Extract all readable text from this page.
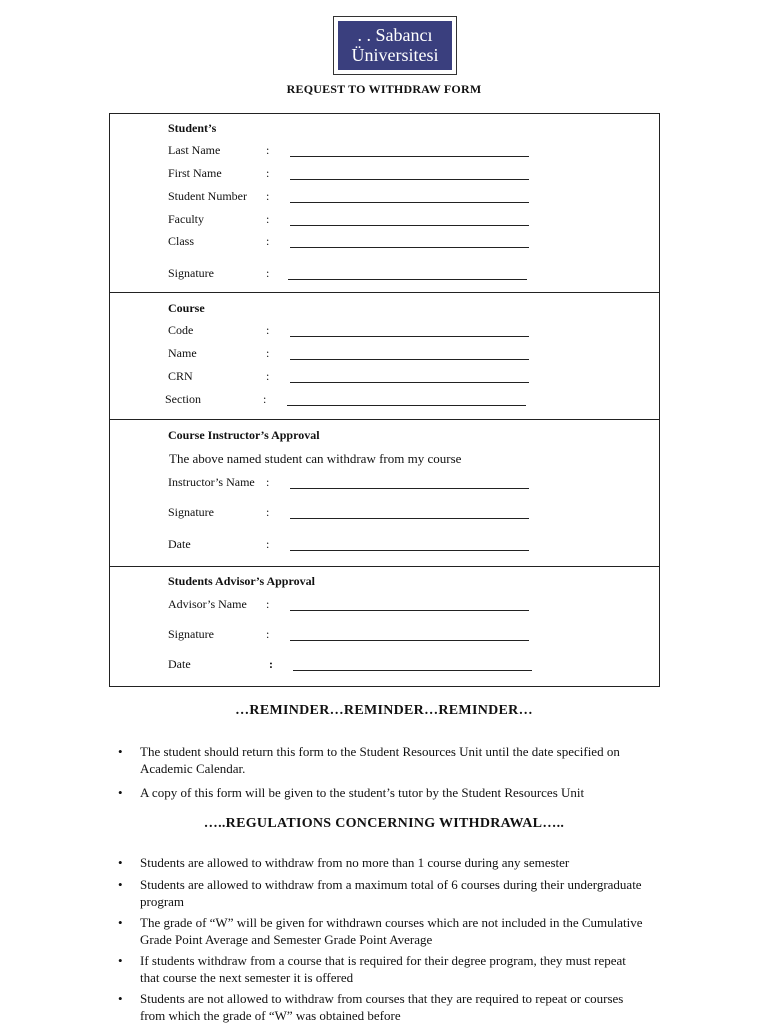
. . Sabancı
Üniversitesi
REQUEST TO WITHDRAW FORM
Student’s
Last Name	:
First Name	:
Student Number :
Faculty	:
Class	:
Signature	:
Course
Code	:
Name	:
CRN	:
Section	:
Course Instructor’s Approval
The above named student can withdraw from my course
Instructor’s Name :
Signature	:
Date	:
Students Advisor’s Approval
Advisor’s Name :
Signature	:
Date	:
…REMINDER…REMINDER…REMINDER…
• The student should return this form to the Student Resources Unit until the date specified on Academic Calendar.
• A copy of this form will be given to the student’s tutor by the Student Resources Unit
…..REGULATIONS CONCERNING WITHDRAWAL…..
• Students are allowed to withdraw from no more than 1 course during any semester
• Students are allowed to withdraw from a maximum total of 6 courses during their undergraduate program
• The grade of “W” will be given for withdrawn courses which are not included in the Cumulative Grade Point Average and Semester Grade Point Average
• If students withdraw from a course that is required for their degree program, they must repeat that course the next semester it is offered
• Students are not allowed to withdraw from courses that they are required to repeat or courses from which the grade of “W” was obtained before
